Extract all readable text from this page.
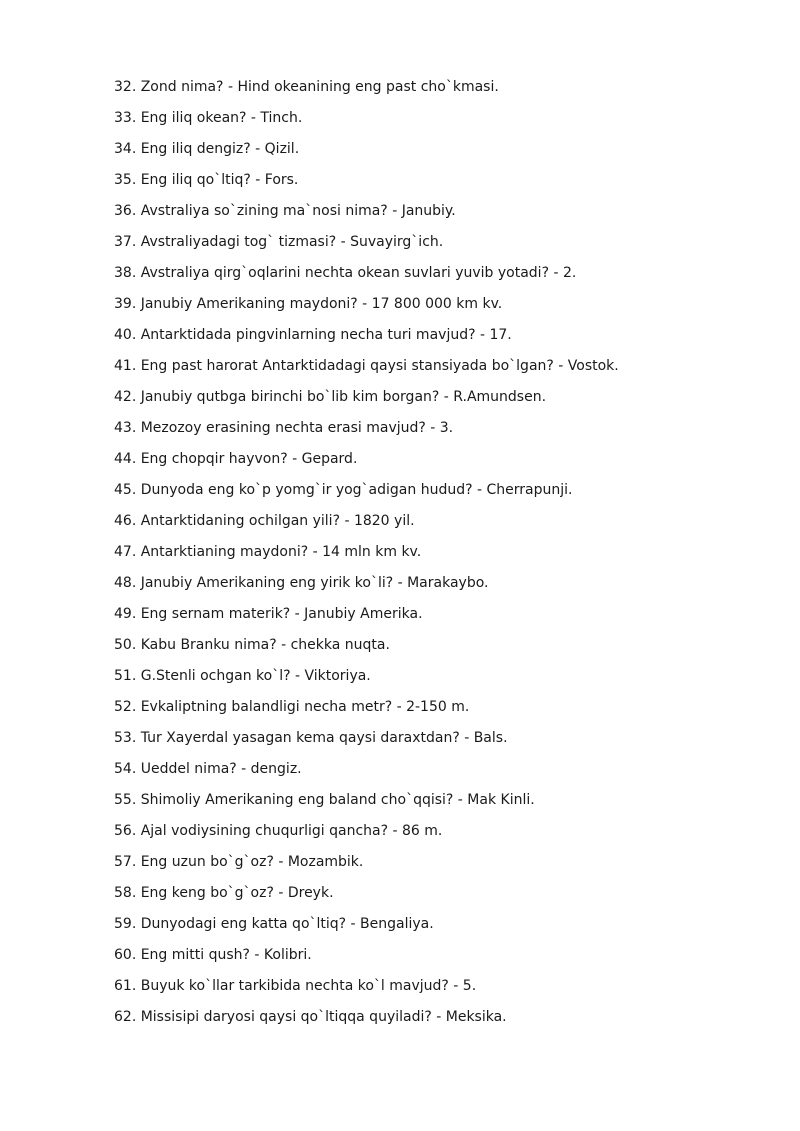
32. Zond nima? - Hind okeanining eng past cho`kmasi.
33. Eng iliq okean? - Tinch.
34. Eng iliq dengiz? - Qizil.
35. Eng iliq qo`ltiq? - Fors.
36. Avstraliya so`zining ma`nosi nima? - Janubiy.
37. Avstraliyadagi tog` tizmasi? - Suvayirg`ich.
38. Avstraliya qirg`oqlarini nechta okean suvlari yuvib yotadi? - 2.
39. Janubiy Amerikaning maydoni? - 17 800 000 km kv.
40. Antarktidada pingvinlarning necha turi mavjud? - 17.
41. Eng past harorat Antarktidadagi qaysi stansiyada bo`lgan? - Vostok.
42. Janubiy qutbga birinchi bo`lib kim borgan? - R.Amundsen.
43. Mezozoy erasining nechta erasi mavjud? - 3.
44. Eng chopqir hayvon? - Gepard.
45. Dunyoda eng ko`p yomg`ir yog`adigan hudud? - Cherrapunji.
46. Antarktidaning ochilgan yili? - 1820 yil.
47. Antarktianing maydoni? - 14 mln km kv.
48. Janubiy Amerikaning eng yirik ko`li? - Marakaybo.
49. Eng sernam materik? - Janubiy Amerika.
50. Kabu Branku nima? - chekka nuqta.
51. G.Stenli ochgan ko`l? - Viktoriya.
52. Evkaliptning balandligi necha metr? - 2-150 m.
53. Tur Xayerdal yasagan kema qaysi daraxtdan? - Bals.
54. Ueddel nima? - dengiz.
55. Shimoliy Amerikaning eng baland cho`qqisi? - Mak Kinli.
56. Ajal vodiysining chuqurligi qancha? - 86 m.
57. Eng uzun bo`g`oz? - Mozambik.
58. Eng keng bo`g`oz? - Dreyk.
59. Dunyodagi eng katta qo`ltiq? - Bengaliya.
60. Eng mitti qush? - Kolibri.
61. Buyuk ko`llar tarkibida nechta ko`l mavjud? - 5.
62. Missisipi daryosi qaysi qo`ltiqqa quyiladi? - Meksika.
